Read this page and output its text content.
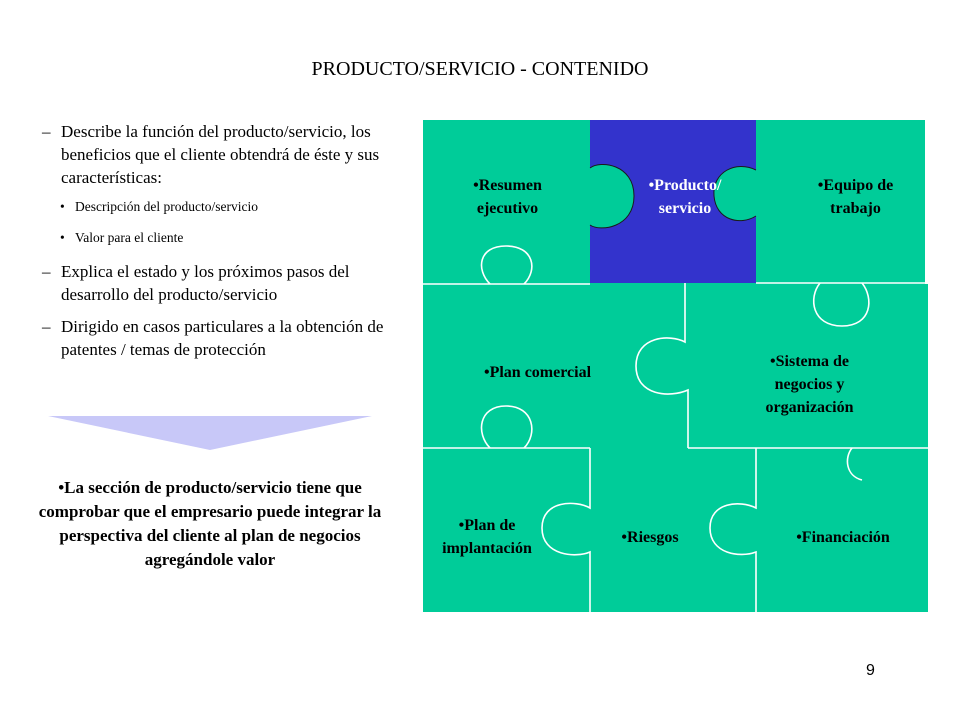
PRODUCTO/SERVICIO - CONTENIDO
– Describe la función del producto/servicio, los beneficios que el cliente obtendrá de éste y sus características:
• Descripción del producto/servicio
• Valor para el cliente
– Explica el estado y los próximos pasos del desarrollo del producto/servicio
– Dirigido en casos particulares a la obtención de patentes / temas de protección
•La sección de producto/servicio tiene que comprobar que el empresario puede integrar la perspectiva del cliente al plan de negocios agregándole valor
•Resumen
ejecutivo
•Producto/
servicio
•Equipo de
trabajo
•Plan comercial
•Sistema de
negocios y
organización
•Plan de
implantación
•Riesgos	•Financiación
9
